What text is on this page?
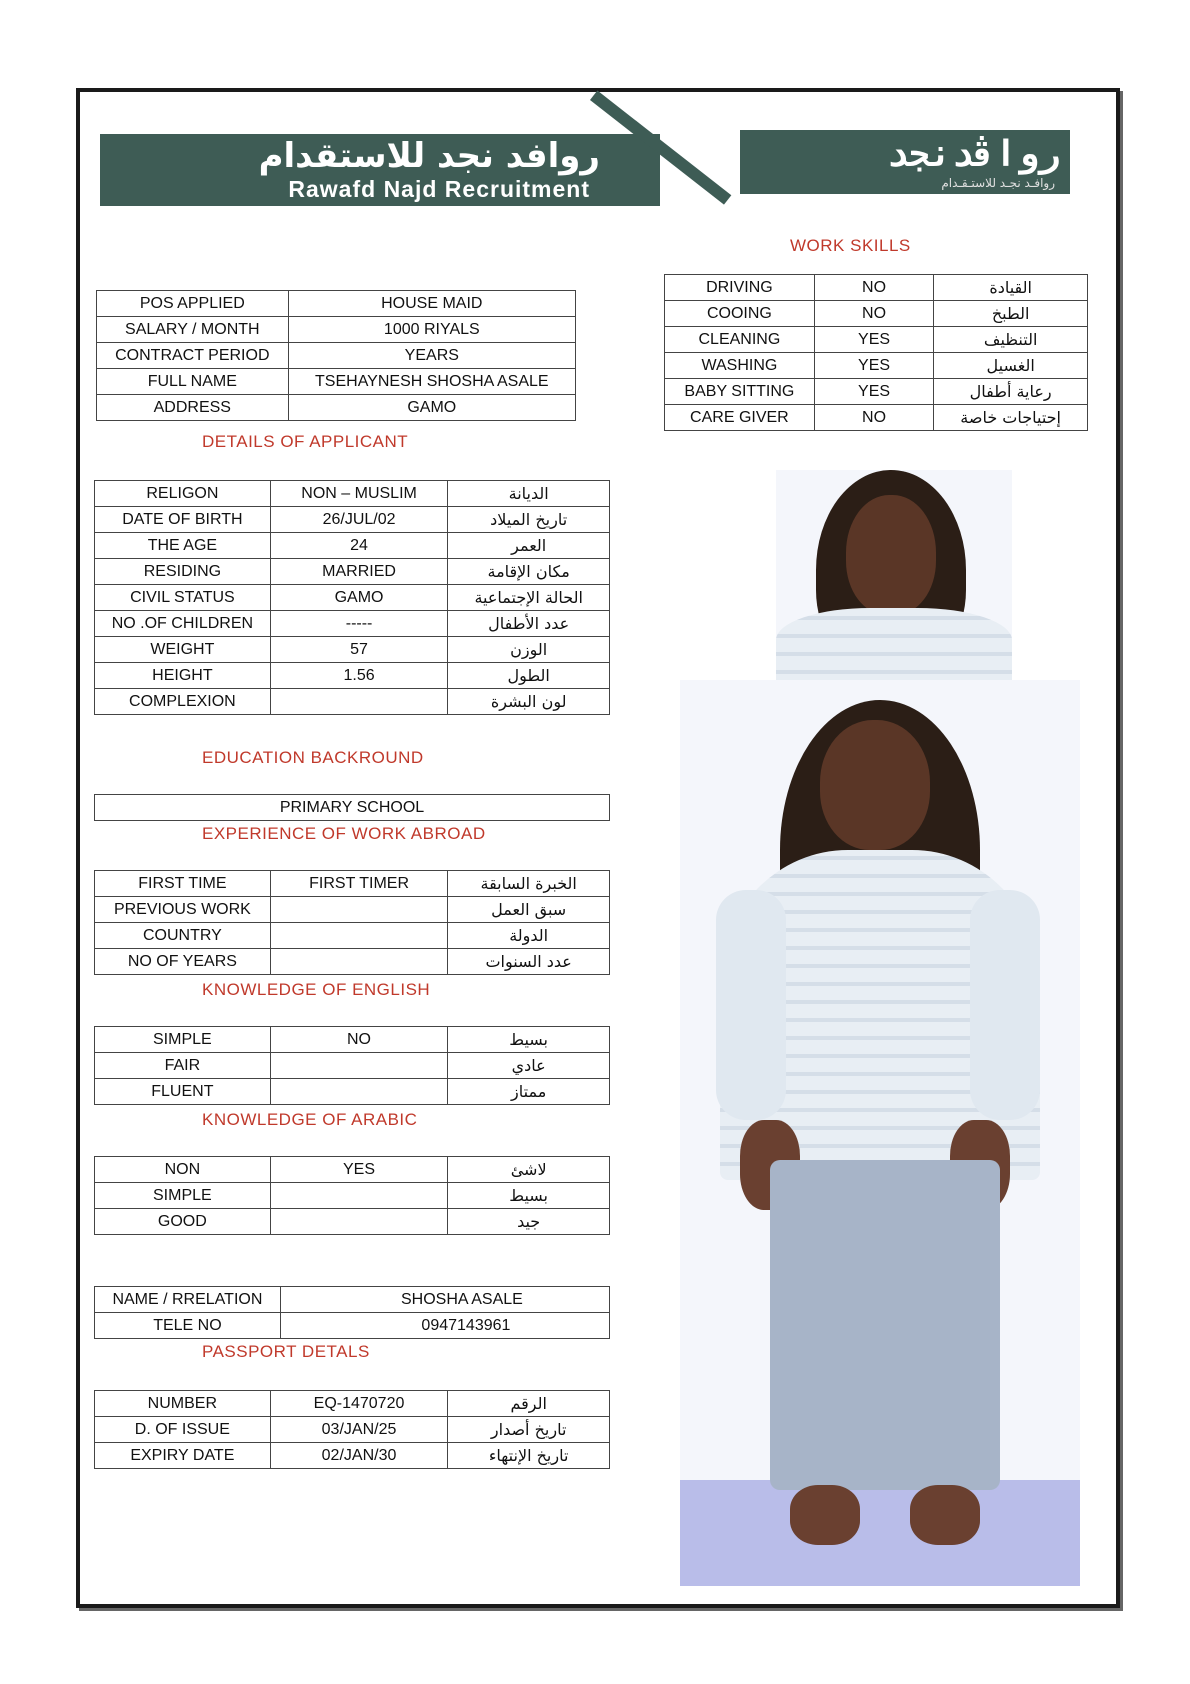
روافد نجد للاستقدام
Rawafd Najd Recruitment
رواڤدنجد
روافـد نجـد للاستـقـدام
WORK SKILLS
DRIVING	NO	القيادة
COOING	NO	الطبخ
CLEANING	YES	التنظيف
WASHING	YES	الغسيل
BABY SITTING	YES	رعاية أطفال
CARE GIVER	NO	إحتياجات خاصة
POS APPLIED	HOUSE MAID
SALARY / MONTH	1000 RIYALS
CONTRACT PERIOD	YEARS
FULL NAME	TSEHAYNESH SHOSHA ASALE
ADDRESS	GAMO
DETAILS OF APPLICANT
RELIGON	NON – MUSLIM	الديانة
DATE OF BIRTH	26/JUL/02	تاريخ الميلاد
THE AGE	24	العمر
RESIDING	MARRIED	مكان الإقامة
CIVIL STATUS	GAMO	الحالة الإجتماعية
NO .OF CHILDREN	-----	عدد الأطفال
WEIGHT	57	الوزن
HEIGHT	1.56	الطول
COMPLEXION		لون البشرة
EDUCATION BACKROUND
PRIMARY SCHOOL
EXPERIENCE OF WORK ABROAD
FIRST TIME	FIRST TIMER	الخبرة السابقة
PREVIOUS WORK		سبق العمل
COUNTRY		الدولة
NO OF YEARS		عدد السنوات
KNOWLEDGE OF ENGLISH
SIMPLE	NO	بسيط
FAIR		عادي
FLUENT		ممتاز
KNOWLEDGE OF ARABIC
NON	YES	لاشئ
SIMPLE		بسيط
GOOD		جيد
NAME / RRELATION	SHOSHA ASALE
TELE NO	0947143961
PASSPORT DETALS
NUMBER	EQ-1470720	الرقم
D. OF ISSUE	03/JAN/25	تاريخ أصدار
EXPIRY DATE	02/JAN/30	تاريخ الإنتهاء
